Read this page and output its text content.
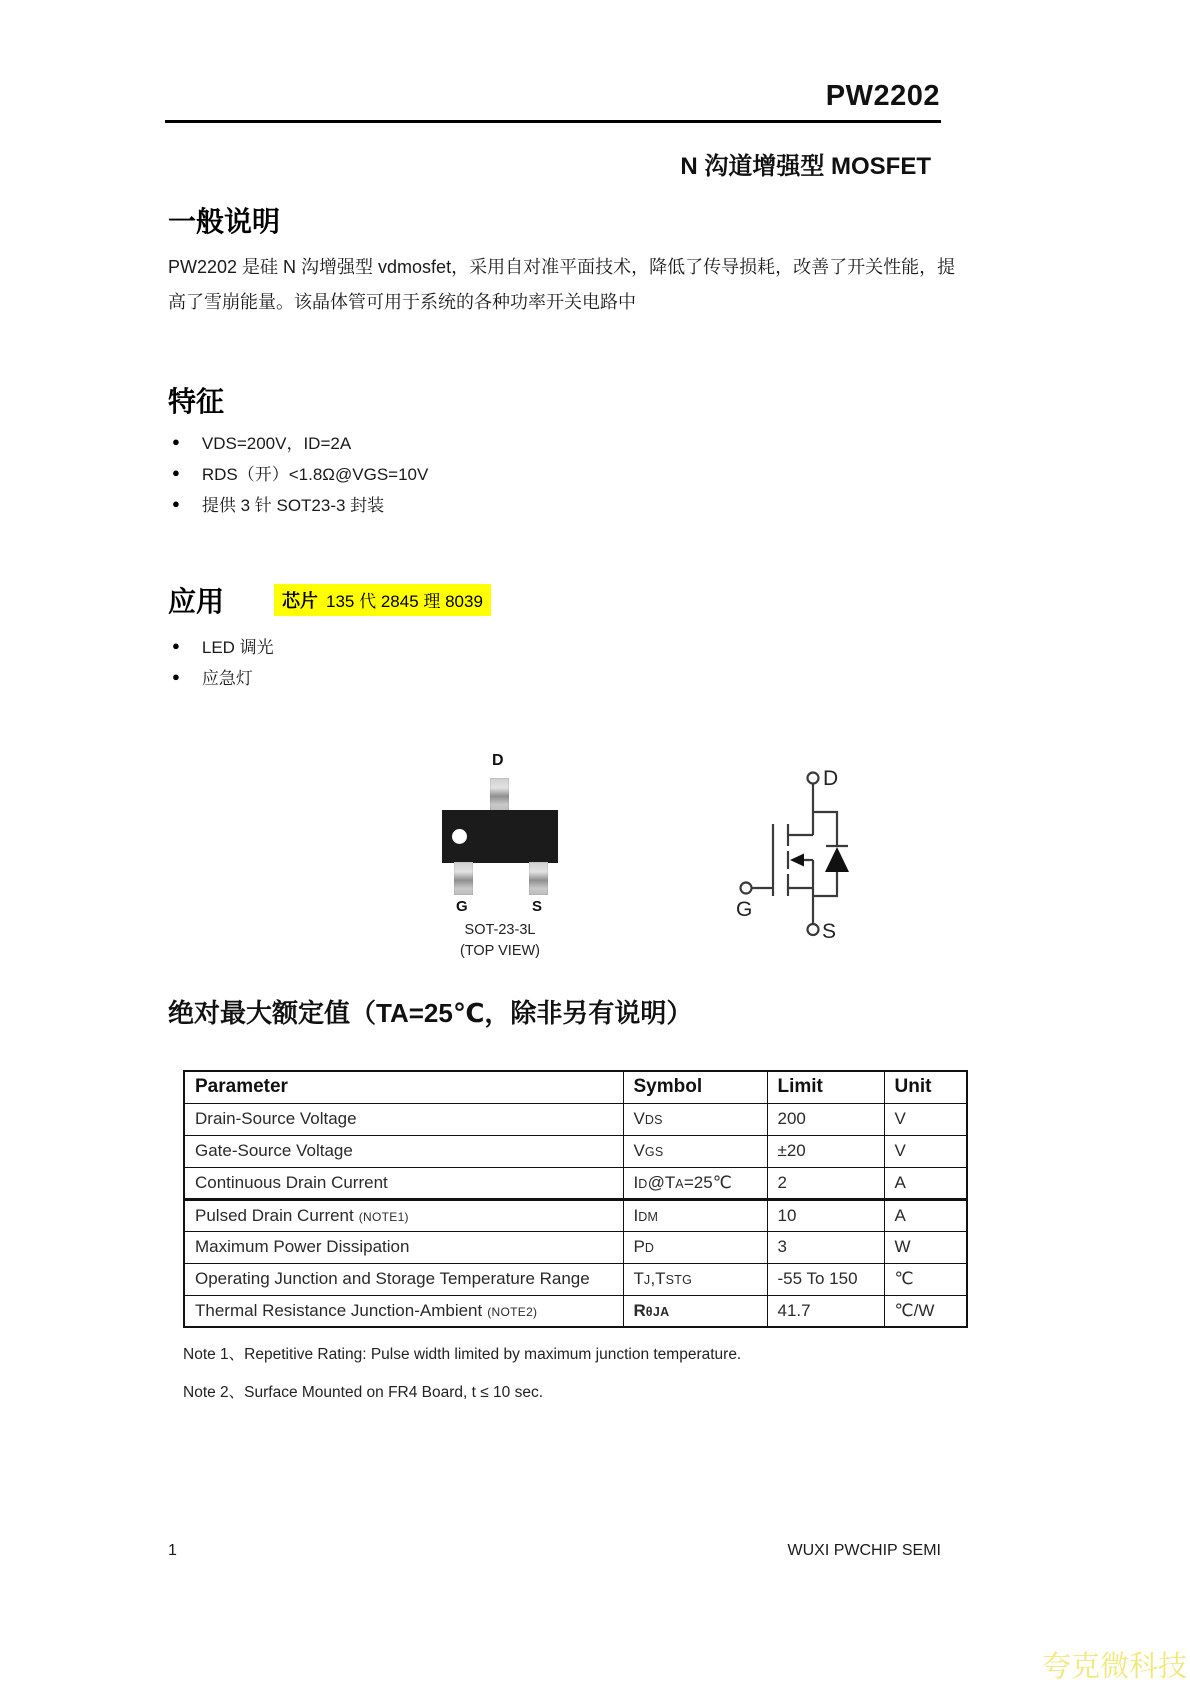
PW2202
N 沟道增强型 MOSFET
一般说明

PW2202 是硅 N 沟增强型 vdmosfet，采用自对准平面技术，降低了传导损耗，改善了开关性能，提高了雪崩能量。该晶体管可用于系统的各种功率开关电路中

特征
● VDS=200V，ID=2A
● RDS（开）<1.8Ω@VGS=10V
● 提供 3 针 SOT23-3 封装
应用	芯片 135 代 2845 理 8039
● LED 调光
● 应急灯
D
G	S
SOT-23-3L
(TOP VIEW)
D
G
S
绝对最大额定值（TA=25℃，除非另有说明）
Parameter	Symbol	Limit	Unit
Drain-Source Voltage	VDS	200	V
Gate-Source Voltage	VGS	±20	V
Continuous Drain Current	ID@TA=25℃	2	A
Pulsed Drain Current (NOTE1)	IDM	10	A
Maximum Power Dissipation	PD	3	W
Operating Junction and Storage Temperature Range	TJ,TSTG	-55 To 150	℃
Thermal Resistance Junction-Ambient (NOTE2)	RθJA	41.7	℃/W
Note 1、Repetitive Rating: Pulse width limited by maximum junction temperature.
Note 2、Surface Mounted on FR4 Board, t ≤ 10 sec.
1	WUXI PWCHIP SEMI
夸克微科技
